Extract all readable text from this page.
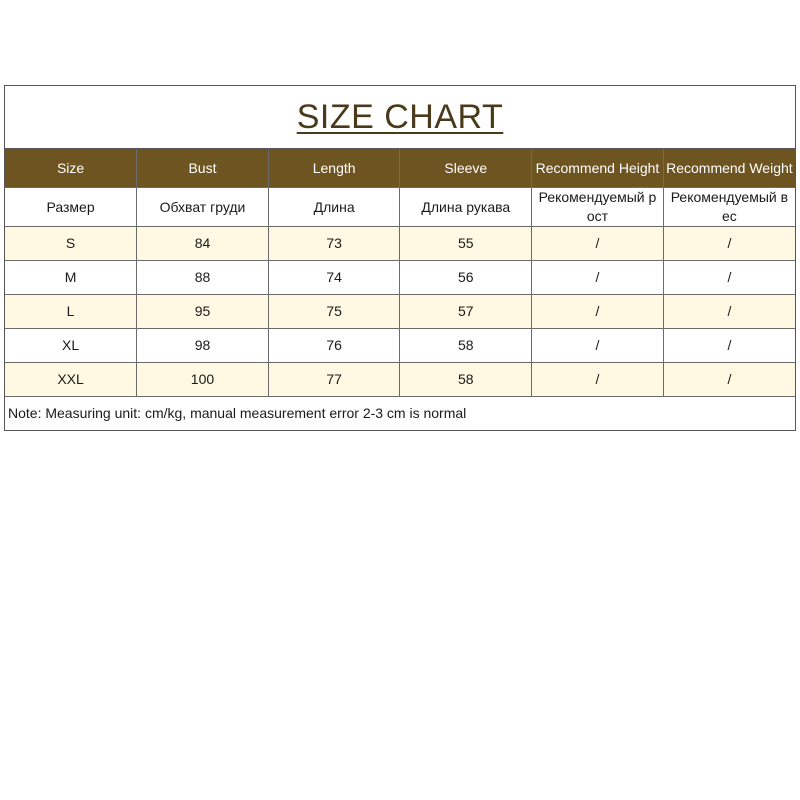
SIZE CHART
Size	Bust	Length	Sleeve	Recommend Height	Recommend Weight
Размер	Обхват груди	Длина	Длина рукава	Рекомендуемый р ост	Рекомендуемый в ес
S	84	73	55	/	/
M	88	74	56	/	/
L	95	75	57	/	/
XL	98	76	58	/	/
XXL	100	77	58	/	/
Note: Measuring unit: cm/kg, manual measurement error 2-3 cm is normal					
